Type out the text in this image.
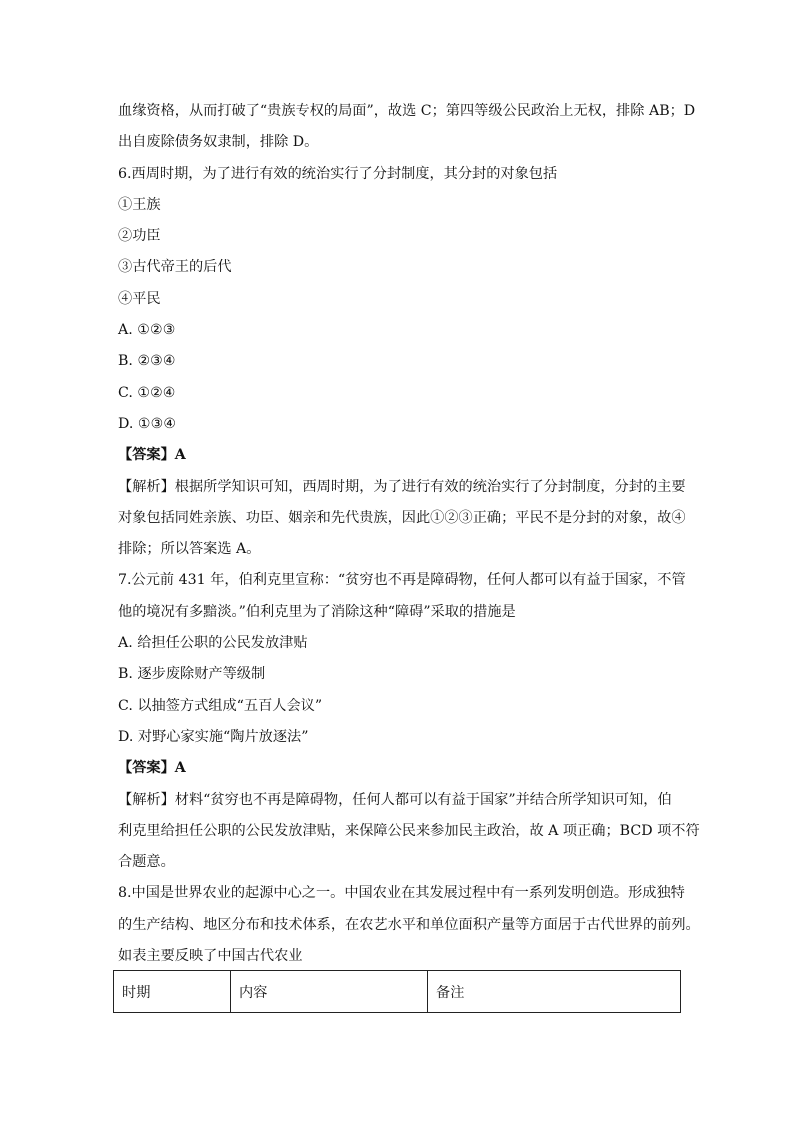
血缘资格，从而打破了“贵族专权的局面”，故选 C；第四等级公民政治上无权，排除 AB；D
出自废除债务奴隶制，排除 D。
6.西周时期，为了进行有效的统治实行了分封制度，其分封的对象包括
①王族
②功臣
③古代帝王的后代
④平民
A. ①②③
B. ②③④
C. ①②④
D. ①③④
【答案】A
【解析】根据所学知识可知，西周时期，为了进行有效的统治实行了分封制度，分封的主要
对象包括同姓亲族、功臣、姻亲和先代贵族，因此①②③正确；平民不是分封的对象，故④
排除；所以答案选 A。
7.公元前 431 年，伯利克里宣称：“贫穷也不再是障碍物，任何人都可以有益于国家，不管
他的境况有多黯淡。”伯利克里为了消除这种“障碍”采取的措施是
A. 给担任公职的公民发放津贴
B. 逐步废除财产等级制
C. 以抽签方式组成“五百人会议”
D. 对野心家实施“陶片放逐法”
【答案】A
【解析】材料“贫穷也不再是障碍物，任何人都可以有益于国家”并结合所学知识可知，伯
利克里给担任公职的公民发放津贴，来保障公民来参加民主政治，故 A 项正确；BCD 项不符
合题意。
8.中国是世界农业的起源中心之一。中国农业在其发展过程中有一系列发明创造。形成独特
的生产结构、地区分布和技术体系，在农艺水平和单位面积产量等方面居于古代世界的前列。
如表主要反映了中国古代农业
时期	内容	备注
